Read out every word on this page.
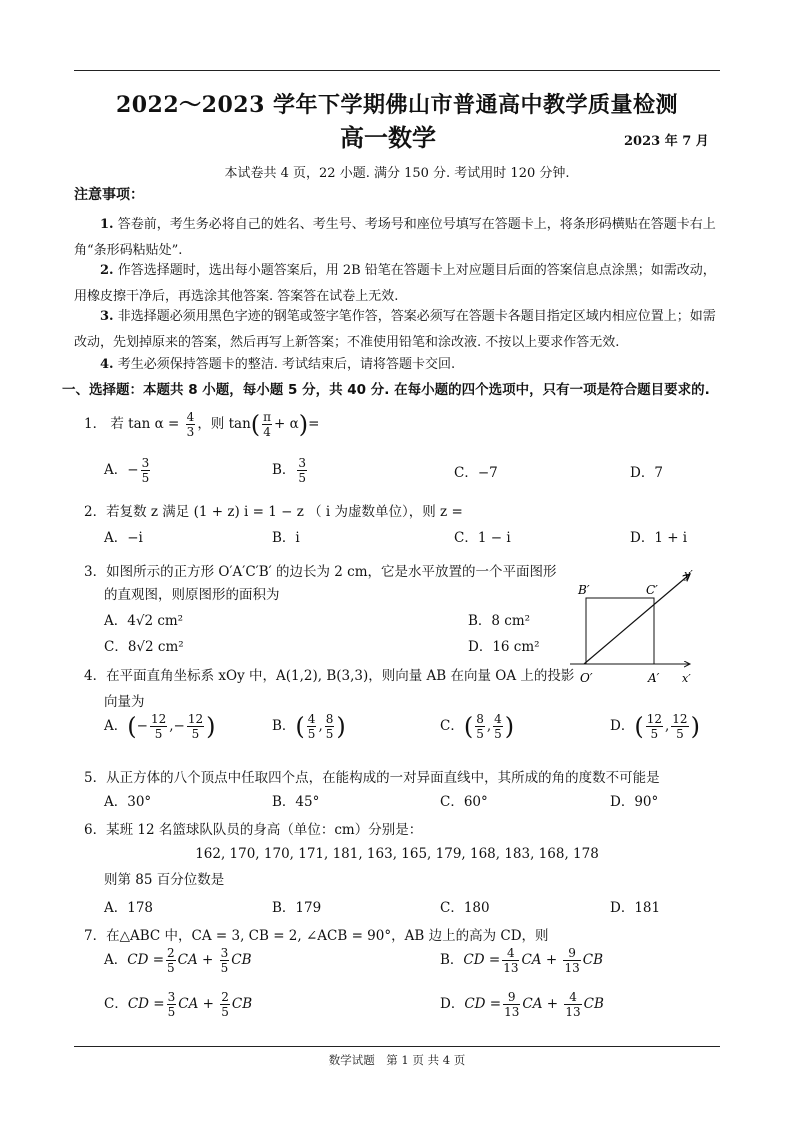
2022～2023 学年下学期佛山市普通高中教学质量检测
高一数学	2023 年 7 月
本试卷共 4 页，22 小题. 满分 150 分. 考试用时 120 分钟.
注意事项：
1. 答卷前，考生务必将自己的姓名、考生号、考场号和座位号填写在答题卡上，将条形码横贴在答题卡右上角“条形码粘贴处”.
2. 作答选择题时，选出每小题答案后，用 2B 铅笔在答题卡上对应题目后面的答案信息点涂黑；如需改动，用橡皮擦干净后，再选涂其他答案. 答案答在试卷上无效.
3. 非选择题必须用黑色字迹的钢笔或签字笔作答，答案必须写在答题卡各题目指定区域内相应位置上；如需改动，先划掉原来的答案，然后再写上新答案；不准使用铅笔和涂改液. 不按以上要求作答无效.
4. 考生必须保持答题卡的整洁. 考试结束后，请将答题卡交回.
一、选择题：本题共 8 小题，每小题 5 分，共 40 分. 在每小题的四个选项中，只有一项是符合题目要求的.
1． 若 $\tan \alpha = \frac{4}{3}$ ，则 $\tan( \frac{\pi}{4} + \alpha)=$
A．− $\frac{3}{5}$	B． $\frac{3}{5}$	C．−7	D．7
2．若复数 z 满足 (1 + z) i = 1 − z （ i 为虚数单位），则 z =
A．−i	B．i	C．1 − i	D．1 + i
3．如图所示的正方形 O′A′C′B′ 的边长为 2 cm，它是水平放置的一个平面图形
的直观图，则原图形的面积为
A．4√2 cm²	B．8 cm²
C．8√2 cm²	D．16 cm²
B′	C′
O′	A′ x′
y′
4．在平面直角坐标系 xOy 中，A(1,2), B(3,3)，则向量 AB 在向量 OA 上的投影
向量为
A．(− $\frac{12}{5}$ ,− $\frac{12}{5}$ )	B．( $\frac{4}{5}$ , $\frac{8}{5}$ )	C．( $\frac{8}{5}$ , $\frac{4}{5}$ )	D．( $\frac{12}{5}$ , $\frac{12}{5}$ )
5．从正方体的八个顶点中任取四个点，在能构成的一对异面直线中，其所成的角的度数不可能是
A．30°	B．45°	C．60°	D．90°
6．某班 12 名篮球队队员的身高（单位：cm）分别是：
162, 170, 170, 171, 181, 163, 165, 179, 168, 183, 168, 178
则第 85 百分位数是
A．178	B．179	C．180	D．181
7．在△ABC 中，CA = 3, CB = 2, ∠ACB = 90°，AB 边上的高为 CD，则
A．CD = $\frac{2}{5}$ CA + $\frac{3}{5}$ CB	B．CD = $\frac{4}{13}$ CA + $\frac{9}{13}$ CB
C．CD = $\frac{3}{5}$ CA + $\frac{2}{5}$ CB	D．CD = $\frac{9}{13}$ CA + $\frac{4}{13}$ CB
数学试题　第 1 页 共 4 页
